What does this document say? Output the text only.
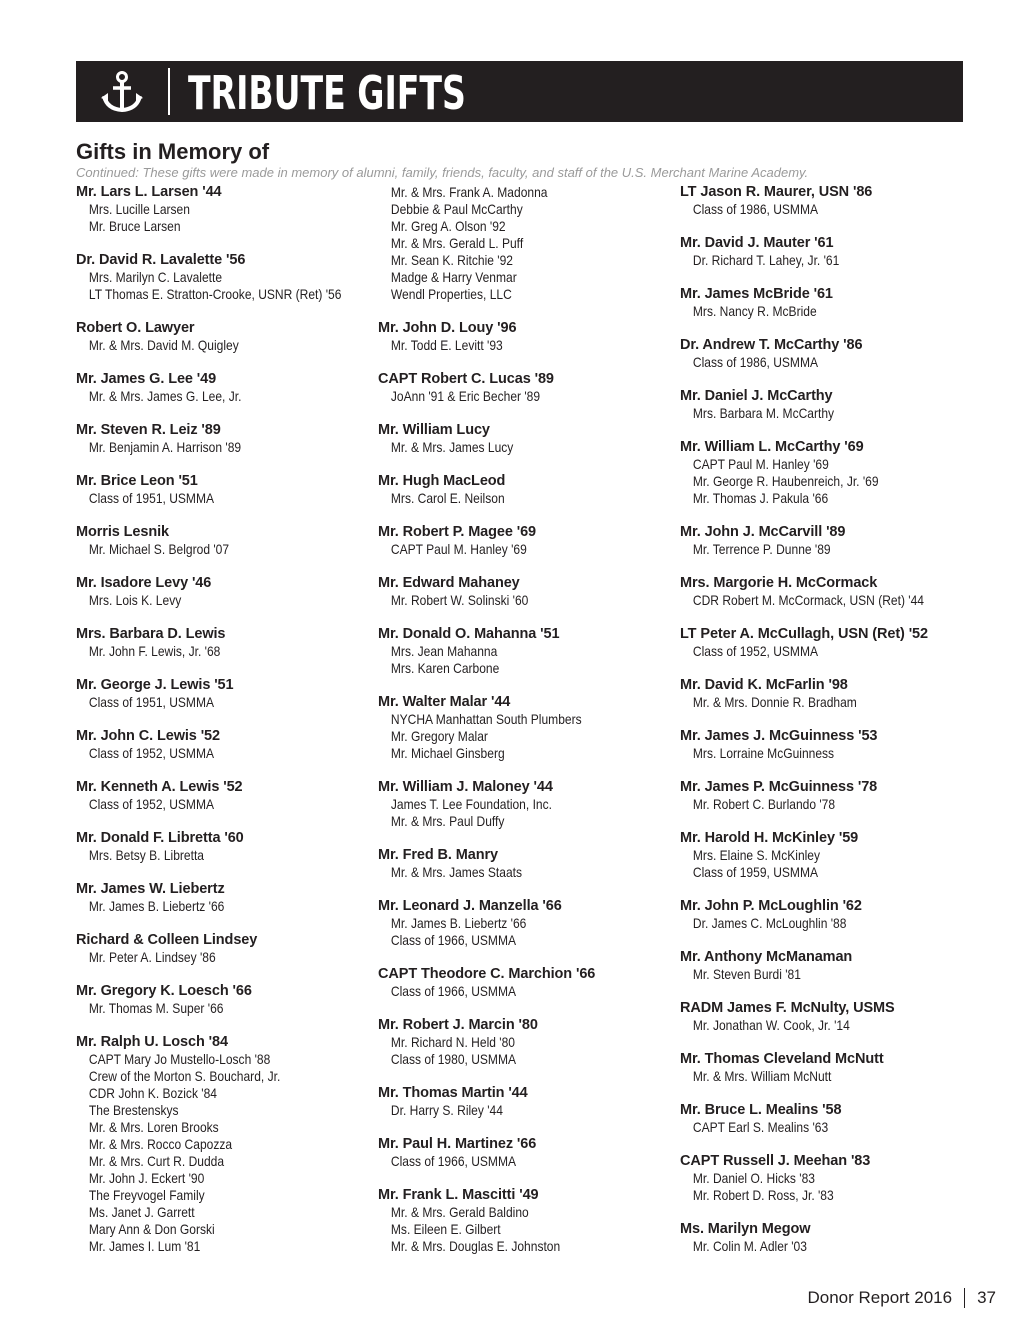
TRIBUTE GIFTS
Gifts in Memory of
Continued: These gifts were made in memory of alumni, family, friends, faculty, and staff of the U.S. Merchant Marine Academy.
Mr. Lars L. Larsen '44
Mrs. Lucille Larsen
Mr. Bruce Larsen
Dr. David R. Lavalette '56
Mrs. Marilyn C. Lavalette
LT Thomas E. Stratton-Crooke, USNR (Ret) '56
Robert O. Lawyer
Mr. & Mrs. David M. Quigley
Mr. James G. Lee '49
Mr. & Mrs. James G. Lee, Jr.
Mr. Steven R. Leiz '89
Mr. Benjamin A. Harrison '89
Mr. Brice Leon '51
Class of 1951, USMMA
Morris Lesnik
Mr. Michael S. Belgrod '07
Mr. Isadore Levy '46
Mrs. Lois K. Levy
Mrs. Barbara D. Lewis
Mr. John F. Lewis, Jr. '68
Mr. George J. Lewis '51
Class of 1951, USMMA
Mr. John C. Lewis '52
Class of 1952, USMMA
Mr. Kenneth A. Lewis '52
Class of 1952, USMMA
Mr. Donald F. Libretta '60
Mrs. Betsy B. Libretta
Mr. James W. Liebertz
Mr. James B. Liebertz '66
Richard & Colleen Lindsey
Mr. Peter A. Lindsey '86
Mr. Gregory K. Loesch '66
Mr. Thomas M. Super '66
Mr. Ralph U. Losch '84
CAPT Mary Jo Mustello-Losch '88
Crew of the Morton S. Bouchard, Jr.
CDR John K. Bozick '84
The Brestenskys
Mr. & Mrs. Loren Brooks
Mr. & Mrs. Rocco Capozza
Mr. & Mrs. Curt R. Dudda
Mr. John J. Eckert '90
The Freyvogel Family
Ms. Janet J. Garrett
Mary Ann & Don Gorski
Mr. James I. Lum '81
Mr. & Mrs. Frank A. Madonna
Debbie & Paul McCarthy
Mr. Greg A. Olson '92
Mr. & Mrs. Gerald L. Puff
Mr. Sean K. Ritchie '92
Madge & Harry Venmar
Wendl Properties, LLC
Mr. John D. Louy '96
Mr. Todd E. Levitt '93
CAPT Robert C. Lucas '89
JoAnn '91 & Eric Becher '89
Mr. William Lucy
Mr. & Mrs. James Lucy
Mr. Hugh MacLeod
Mrs. Carol E. Neilson
Mr. Robert P. Magee '69
CAPT Paul M. Hanley '69
Mr. Edward Mahaney
Mr. Robert W. Solinski '60
Mr. Donald O. Mahanna '51
Mrs. Jean Mahanna
Mrs. Karen Carbone
Mr. Walter Malar '44
NYCHA Manhattan South Plumbers
Mr. Gregory Malar
Mr. Michael Ginsberg
Mr. William J. Maloney '44
James T. Lee Foundation, Inc.
Mr. & Mrs. Paul Duffy
Mr. Fred B. Manry
Mr. & Mrs. James Staats
Mr. Leonard J. Manzella '66
Mr. James B. Liebertz '66
Class of 1966, USMMA
CAPT Theodore C. Marchion '66
Class of 1966, USMMA
Mr. Robert J. Marcin '80
Mr. Richard N. Held '80
Class of 1980, USMMA
Mr. Thomas Martin '44
Dr. Harry S. Riley '44
Mr. Paul H. Martinez '66
Class of 1966, USMMA
Mr. Frank L. Mascitti '49
Mr. & Mrs. Gerald Baldino
Ms. Eileen E. Gilbert
Mr. & Mrs. Douglas E. Johnston
LT Jason R. Maurer, USN '86
Class of 1986, USMMA
Mr. David J. Mauter '61
Dr. Richard T. Lahey, Jr. '61
Mr. James McBride '61
Mrs. Nancy R. McBride
Dr. Andrew T. McCarthy '86
Class of 1986, USMMA
Mr. Daniel J. McCarthy
Mrs. Barbara M. McCarthy
Mr. William L. McCarthy '69
CAPT Paul M. Hanley '69
Mr. George R. Haubenreich, Jr. '69
Mr. Thomas J. Pakula '66
Mr. John J. McCarvill '89
Mr. Terrence P. Dunne '89
Mrs. Margorie H. McCormack
CDR Robert M. McCormack, USN (Ret) '44
LT Peter A. McCullagh, USN (Ret) '52
Class of 1952, USMMA
Mr. David K. McFarlin '98
Mr. & Mrs. Donnie R. Bradham
Mr. James J. McGuinness '53
Mrs. Lorraine McGuinness
Mr. James P. McGuinness '78
Mr. Robert C. Burlando '78
Mr. Harold H. McKinley '59
Mrs. Elaine S. McKinley
Class of 1959, USMMA
Mr. John P. McLoughlin '62
Dr. James C. McLoughlin '88
Mr. Anthony McManaman
Mr. Steven Burdi '81
RADM James F. McNulty, USMS
Mr. Jonathan W. Cook, Jr. '14
Mr. Thomas Cleveland McNutt
Mr. & Mrs. William McNutt
Mr. Bruce L. Mealins '58
CAPT Earl S. Mealins '63
CAPT Russell J. Meehan '83
Mr. Daniel O. Hicks '83
Mr. Robert D. Ross, Jr. '83
Ms. Marilyn Megow
Mr. Colin M. Adler '03
Donor Report 2016 37
